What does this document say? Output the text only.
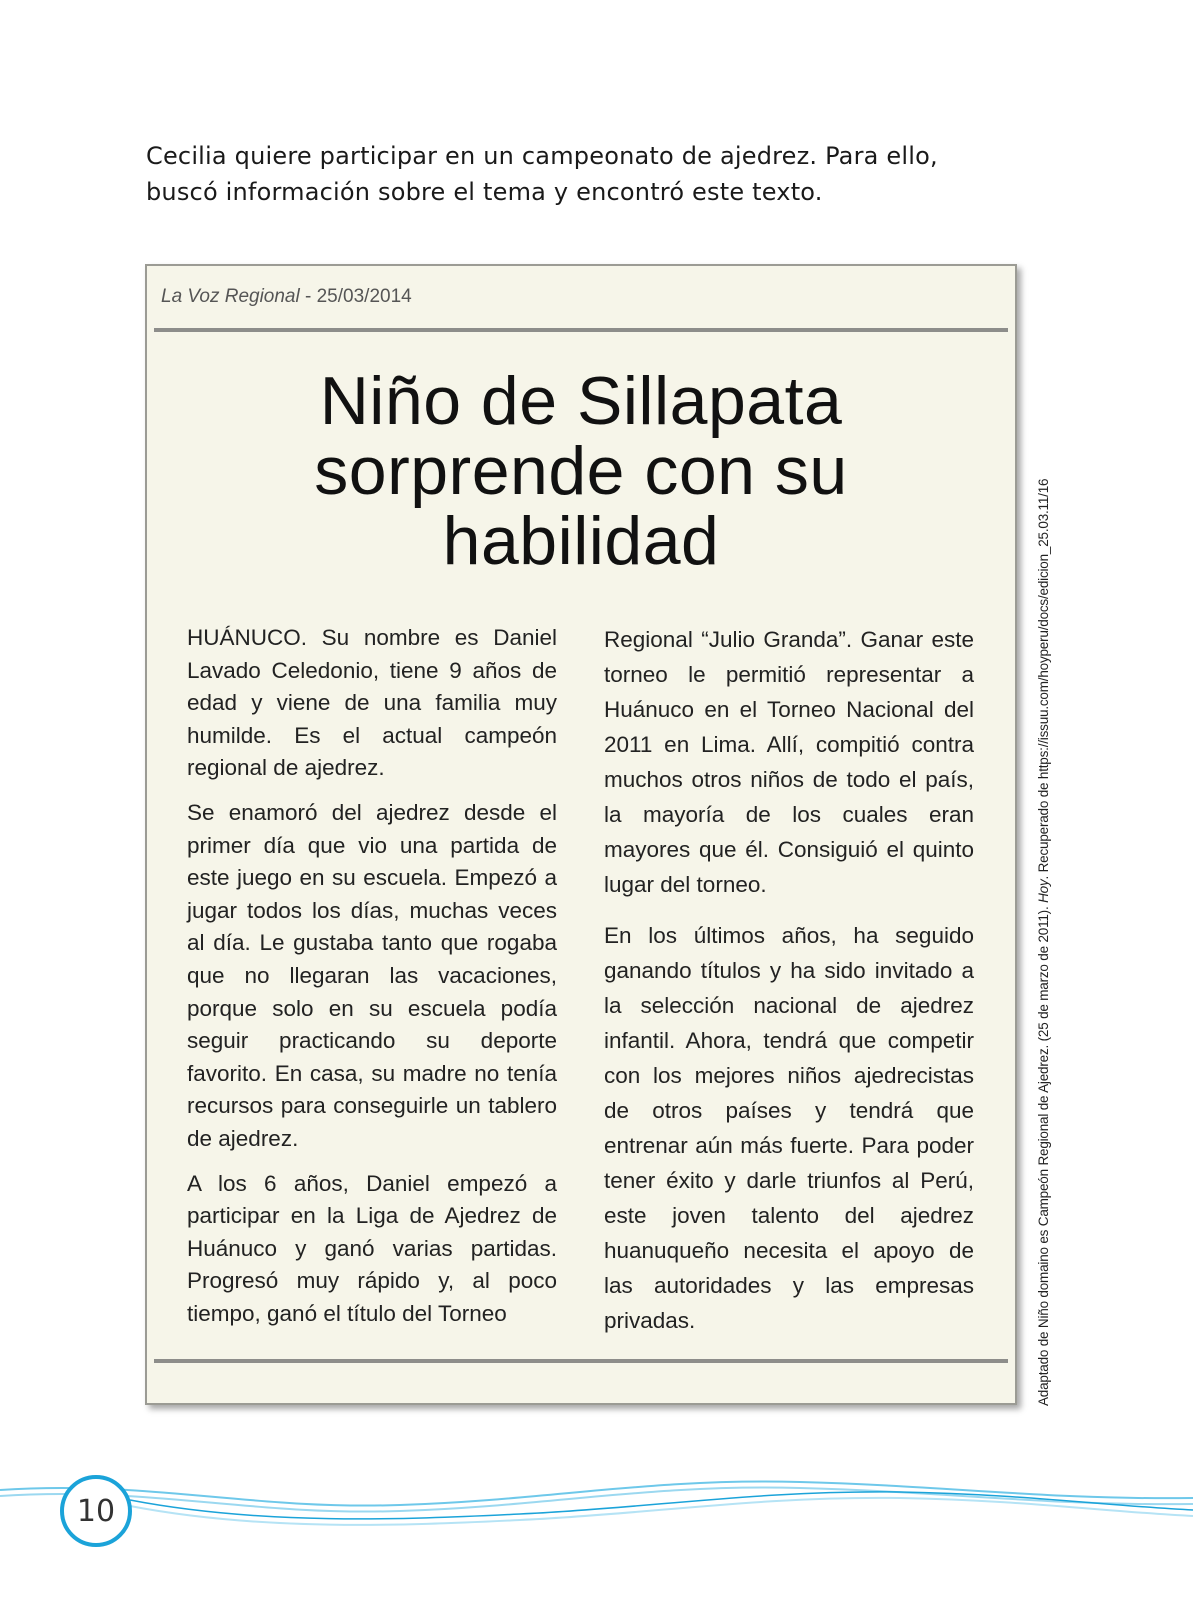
Cecilia quiere participar en un campeonato de ajedrez. Para ello,

buscó información sobre el tema y encontró este texto.

La Voz Regional - 25/03/2014
Niño de Sillapata
sorprende con su
habilidad

HUÁNUCO. Su nombre es Daniel Lavado Celedonio, tiene 9 años de edad y viene de una familia muy humilde. Es el actual campeón regional de ajedrez.

Se enamoró del ajedrez desde el primer día que vio una partida de este juego en su escuela. Empezó a jugar todos los días, muchas veces al día. Le gustaba tanto que rogaba que no llegaran las vacaciones, porque solo en su escuela podía seguir practicando su deporte favorito. En casa, su madre no tenía recursos para conseguirle un tablero de ajedrez.

A los 6 años, Daniel empezó a participar en la Liga de Ajedrez de Huánuco y ganó varias partidas. Progresó muy rápido y, al poco tiempo, ganó el título del Torneo

Regional “Julio Granda”. Ganar este torneo le permitió representar a Huánuco en el Torneo Nacional del 2011 en Lima. Allí, compitió contra muchos otros niños de todo el país, la mayoría de los cuales eran mayores que él. Consiguió el quinto lugar del torneo.

En los últimos años, ha seguido ganando títulos y ha sido invitado a la selección nacional de ajedrez infantil. Ahora, tendrá que competir con los mejores niños ajedrecistas de otros países y tendrá que entrenar aún más fuerte. Para poder tener éxito y darle triunfos al Perú, este joven talento del ajedrez huanuqueño necesita el apoyo de las autoridades y las empresas privadas.	Adaptado de Niño domaino es Campeón Regional de Ajedrez. (25 de marzo de 2011). Hoy. Recuperado de https://issuu.com/hoyperu/docs/edicion_25.03.11/16
10
